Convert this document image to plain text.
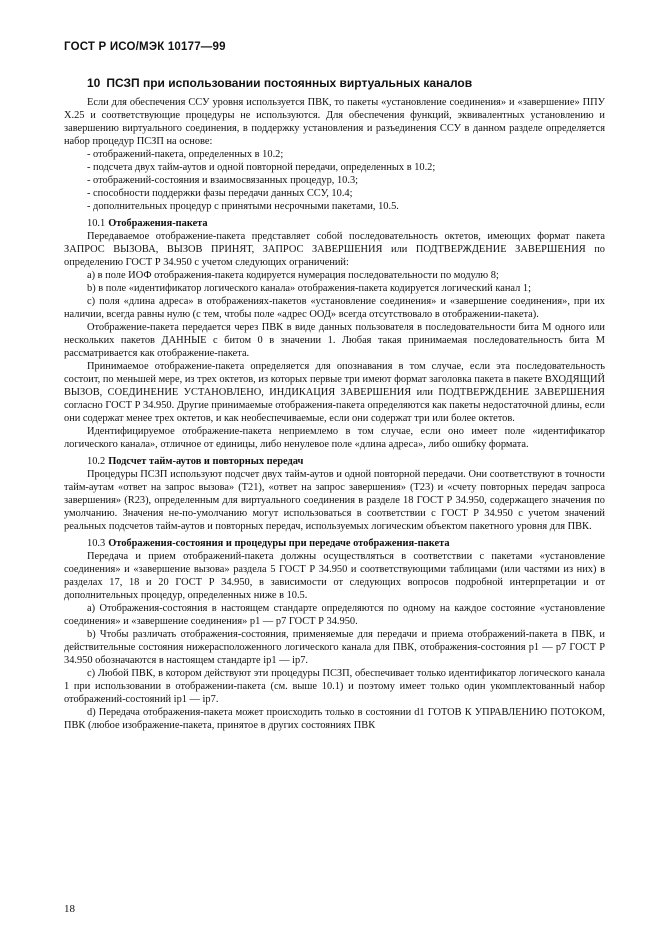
ГОСТ Р ИСО/МЭК 10177—99
10 ПСЗП при использовании постоянных виртуальных каналов

Если для обеспечения ССУ уровня используется ПВК, то пакеты «установление соединения» и «завершение» ППУ Х.25 и соответствующие процедуры не используются. Для обеспечения функций, эквивалентных установлению и завершению виртуального соединения, в поддержку установления и разъединения ССУ в данном разделе определяется набор процедур ПСЗП на основе:

- отображений-пакета, определенных в 10.2;
- подсчета двух тайм-аутов и одной повторной передачи, определенных в 10.2;
- отображений-состояния и взаимосвязанных процедур, 10.3;
- способности поддержки фазы передачи данных ССУ, 10.4;
- дополнительных процедур с принятыми несрочными пакетами, 10.5.
10.1 Отображения-пакета

Передаваемое отображение-пакета представляет собой последовательность октетов, имеющих формат пакета ЗАПРОС ВЫЗОВА, ВЫЗОВ ПРИНЯТ, ЗАПРОС ЗАВЕРШЕНИЯ или ПОДТВЕРЖДЕНИЕ ЗАВЕРШЕНИЯ по определению ГОСТ Р 34.950 с учетом следующих ограничений:

а) в поле ИОФ отображения-пакета кодируется нумерация последовательности по модулю 8;

b) в поле «идентификатор логического канала» отображения-пакета кодируется логический канал 1;

с) поля «длина адреса» в отображениях-пакетов «установление соединения» и «завершение соединения», при их наличии, всегда равны нулю (с тем, чтобы поле «адрес ООД» всегда отсутствовало в отображении-пакета).

Отображение-пакета передается через ПВК в виде данных пользователя в последовательности бита М одного или нескольких пакетов ДАННЫЕ с битом 0 в значении 1. Любая такая принимаемая последовательность бита М рассматривается как отображение-пакета.

Принимаемое отображение-пакета определяется для опознавания в том случае, если эта последовательность состоит, по меньшей мере, из трех октетов, из которых первые три имеют формат заголовка пакета в пакете ВХОДЯЩИЙ ВЫЗОВ, СОЕДИНЕНИЕ УСТАНОВЛЕНО, ИНДИКАЦИЯ ЗАВЕРШЕНИЯ или ПОДТВЕРЖДЕНИЕ ЗАВЕРШЕНИЯ согласно ГОСТ Р 34.950. Другие принимаемые отображения-пакета определяются как пакеты недостаточной длины, если они содержат менее трех октетов, и как необеспечиваемые, если они содержат три или более октетов.

Идентифицируемое отображение-пакета неприемлемо в том случае, если оно имеет поле «идентификатор логического канала», отличное от единицы, либо ненулевое поле «длина адреса», либо ошибку формата.

10.2 Подсчет тайм-аутов и повторных передач

Процедуры ПСЗП используют подсчет двух тайм-аутов и одной повторной передачи. Они соответствуют в точности тайм-аутам «ответ на запрос вызова» (Т21), «ответ на запрос завершения» (Т23) и «счету повторных передач запроса завершения» (R23), определенным для виртуального соединения в разделе 18 ГОСТ Р 34.950, содержащего значения по умолчанию. Значения не-по-умолчанию могут использоваться в соответствии с ГОСТ Р 34.950 с учетом значений реальных подсчетов тайм-аутов и повторных передач, используемых логическим объектом пакетного уровня для ПВК.

10.3 Отображения-состояния и процедуры при передаче отображения-пакета

Передача и прием отображений-пакета должны осуществляться в соответствии с пакетами «установление соединения» и «завершение вызова» раздела 5 ГОСТ Р 34.950 и соответствующими таблицами (или частями из них) в разделах 17, 18 и 20 ГОСТ Р 34.950, в зависимости от следующих вопросов подробной интерпретации и от дополнительных процедур, определенных ниже в 10.5.

а) Отображения-состояния в настоящем стандарте определяются по одному на каждое состояние «установление соединения» и «завершение соединения» р1 — р7 ГОСТ Р 34.950.

b) Чтобы различать отображения-состояния, применяемые для передачи и приема отображений-пакета в ПВК, и действительные состояния нижерасположенного логического канала для ПВК, отображения-состояния р1 — р7 ГОСТ Р 34.950 обозначаются в настоящем стандарте ip1 — ip7.

с) Любой ПВК, в котором действуют эти процедуры ПСЗП, обеспечивает только идентификатор логического канала 1 при использовании в отображении-пакета (см. выше 10.1) и поэтому имеет только один укомплектованный набор отображений-состояний ip1 — ip7.

d) Передача отображения-пакета может происходить только в состоянии d1 ГОТОВ К УПРАВЛЕНИЮ ПОТОКОМ, ПВК (любое изображение-пакета, принятое в других состояниях ПВК

18
